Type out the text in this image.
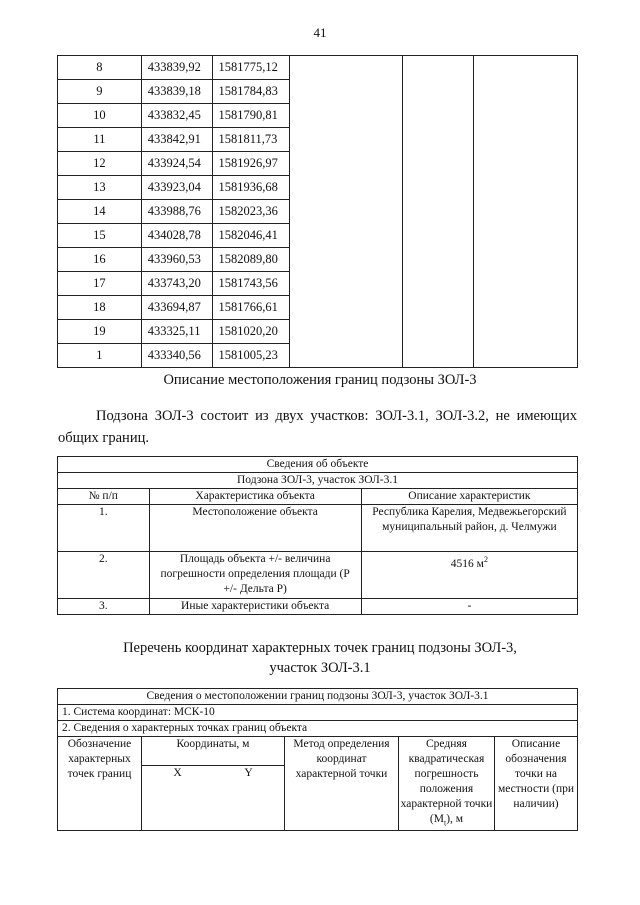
41
8	433839,92	1581775,12			
9	433839,18	1581784,83			
10	433832,45	1581790,81			
11	433842,91	1581811,73			
12	433924,54	1581926,97			
13	433923,04	1581936,68			
14	433988,76	1582023,36			
15	434028,78	1582046,41			
16	433960,53	1582089,80			
17	433743,20	1581743,56			
18	433694,87	1581766,61			
19	433325,11	1581020,20			
1	433340,56	1581005,23			
Описание местоположения границ подзоны ЗОЛ-3
Подзона ЗОЛ-3 состоит из двух участков: ЗОЛ-3.1, ЗОЛ-3.2, не имеющих общих границ.
Сведения об объекте		
Подзона ЗОЛ-3, участок ЗОЛ-3.1		
№ п/п	Характеристика объекта	Описание характеристик
1.	Местоположение объекта	Республика Карелия, Медвежьегорский муниципальный район, д. Челмужи
2.	Площадь объекта +/- величина погрешности определения площади (Р +/- Дельта Р)	4516 $м^2$
3.	Иные характеристики объекта	-
Перечень координат характерных точек границ подзоны ЗОЛ-3,
участок ЗОЛ-3.1
Сведения о местоположении границ подзоны ЗОЛ-3, участок ЗОЛ-3.1					
1. Система координат: МСК-10					
2. Сведения о характерных точках границ объекта					
Обозначение характерных точек границ	Координаты, м		Метод определения координат характерной точки	Средняя квадратическая погрешность положения характерной точки $(M_t)$, м	Описание обозначения точки на местности (при наличии)
	X	Y			
